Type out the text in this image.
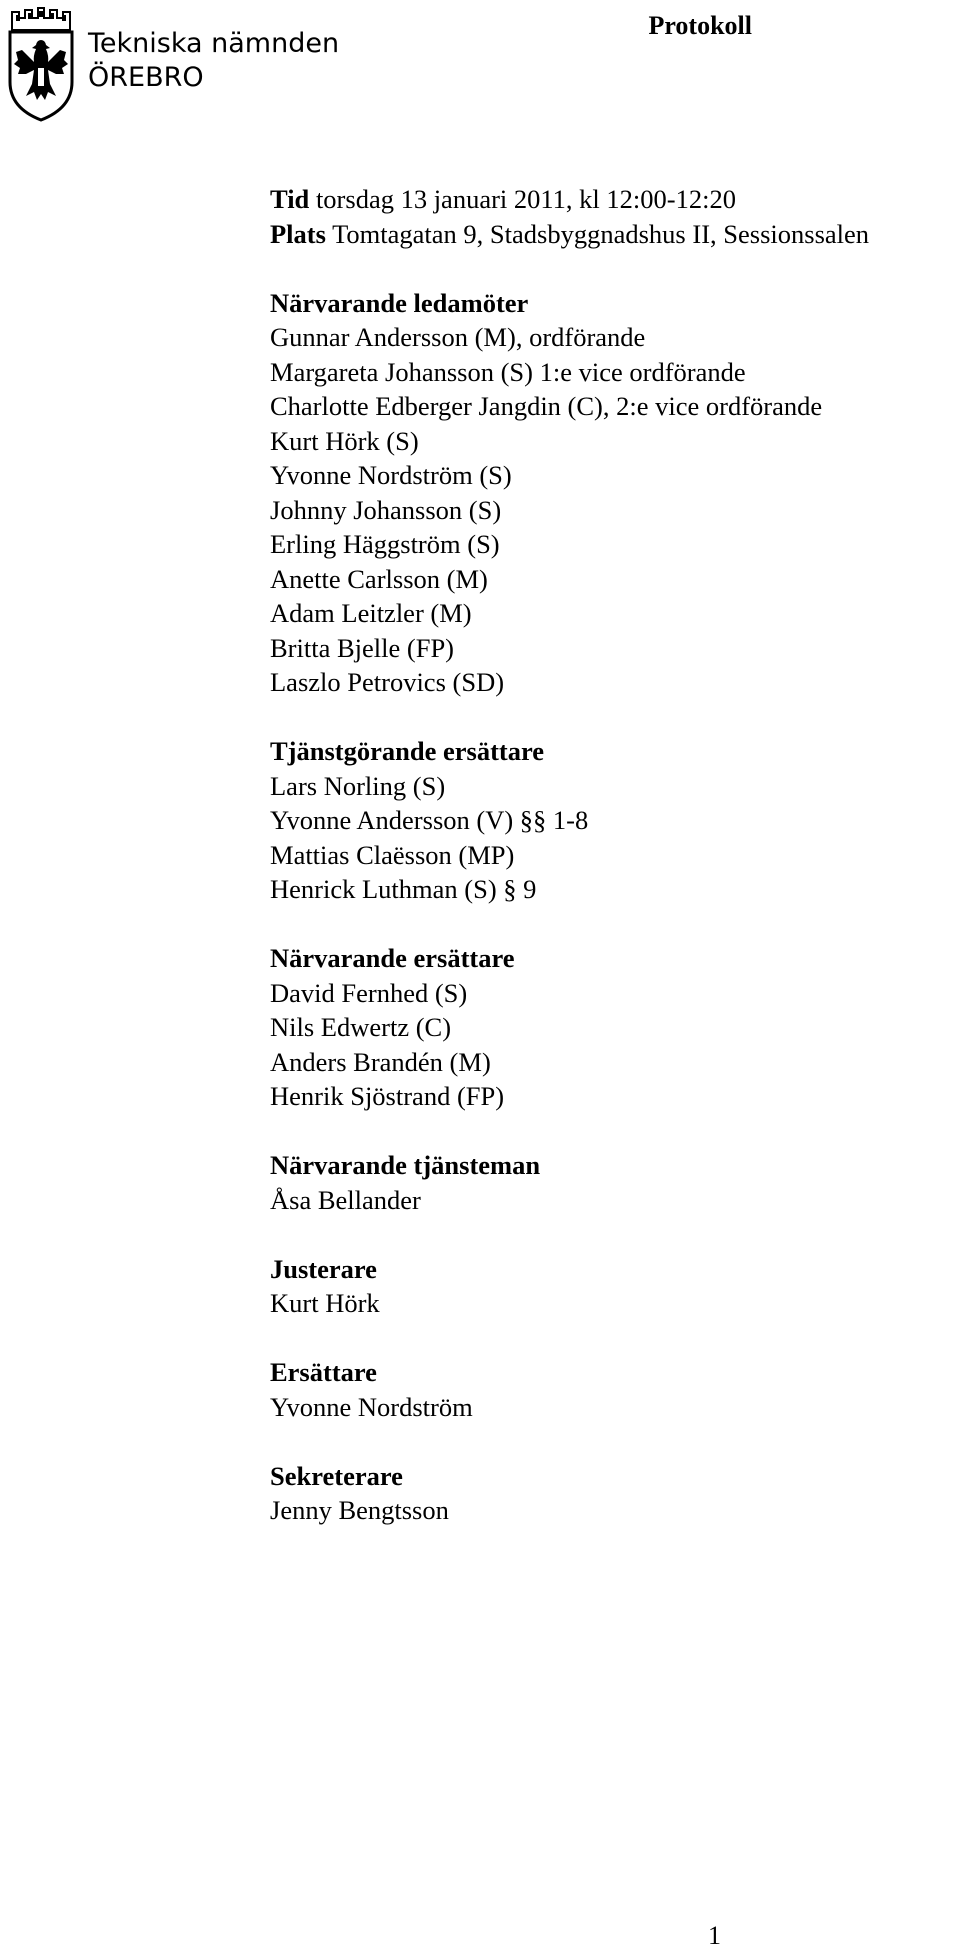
Tekniska nämnden
ÖREBRO
Protokoll
Tid torsdag 13 januari 2011, kl 12:00-12:20
Plats Tomtagatan 9, Stadsbyggnadshus II, Sessionssalen
Närvarande ledamöter
Gunnar Andersson (M), ordförande
Margareta Johansson (S) 1:e vice ordförande
Charlotte Edberger Jangdin (C), 2:e vice ordförande
Kurt Hörk (S)
Yvonne Nordström (S)
Johnny Johansson (S)
Erling Häggström (S)
Anette Carlsson (M)
Adam Leitzler (M)
Britta Bjelle (FP)
Laszlo Petrovics (SD)
Tjänstgörande ersättare
Lars Norling (S)
Yvonne Andersson (V) §§ 1-8
Mattias Claësson (MP)
Henrick Luthman (S) § 9
Närvarande ersättare
David Fernhed (S)
Nils Edwertz (C)
Anders Brandén (M)
Henrik Sjöstrand (FP)
Närvarande tjänsteman
Åsa Bellander
Justerare
Kurt Hörk
Ersättare
Yvonne Nordström
Sekreterare
Jenny Bengtsson
1
